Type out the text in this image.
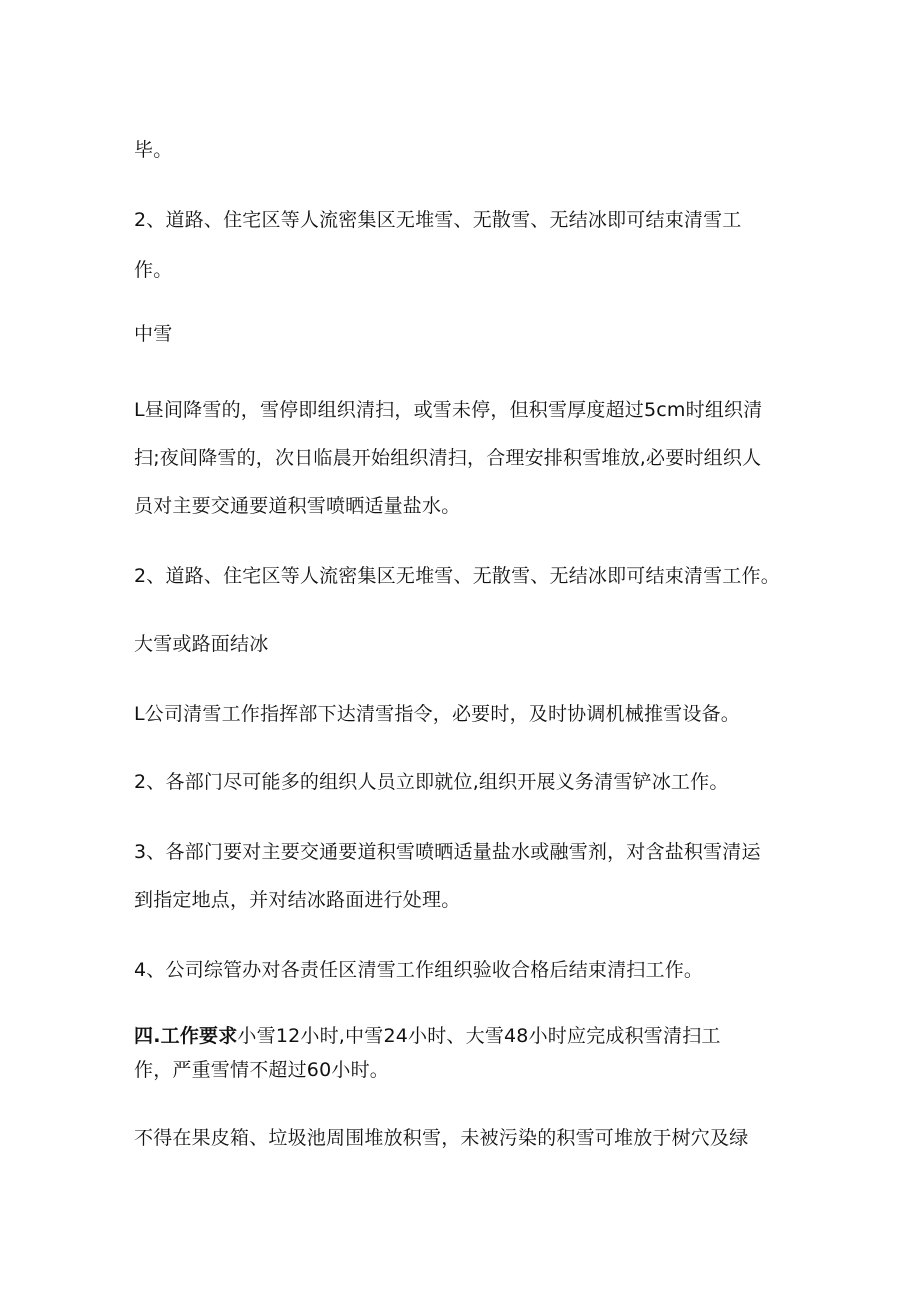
毕。
2、道路、住宅区等人流密集区无堆雪、无散雪、无结冰即可结束清雪工
作。
中雪
L昼间降雪的，雪停即组织清扫，或雪未停，但积雪厚度超过5cm时组织清
扫;夜间降雪的，次日临晨开始组织清扫，合理安排积雪堆放,必要时组织人
员对主要交通要道积雪喷晒适量盐水。
2、道路、住宅区等人流密集区无堆雪、无散雪、无结冰即可结束清雪工作。
大雪或路面结冰
L公司清雪工作指挥部下达清雪指令，必要时，及时协调机械推雪设备。
2、各部门尽可能多的组织人员立即就位,组织开展义务清雪铲冰工作。
3、各部门要对主要交通要道积雪喷晒适量盐水或融雪剂，对含盐积雪清运
到指定地点，并对结冰路面进行处理。
4、公司综管办对各责任区清雪工作组织验收合格后结束清扫工作。
四.工作要求小雪12小时,中雪24小时、大雪48小时应完成积雪清扫工
作，严重雪情不超过60小时。
不得在果皮箱、垃圾池周围堆放积雪，未被污染的积雪可堆放于树穴及绿
